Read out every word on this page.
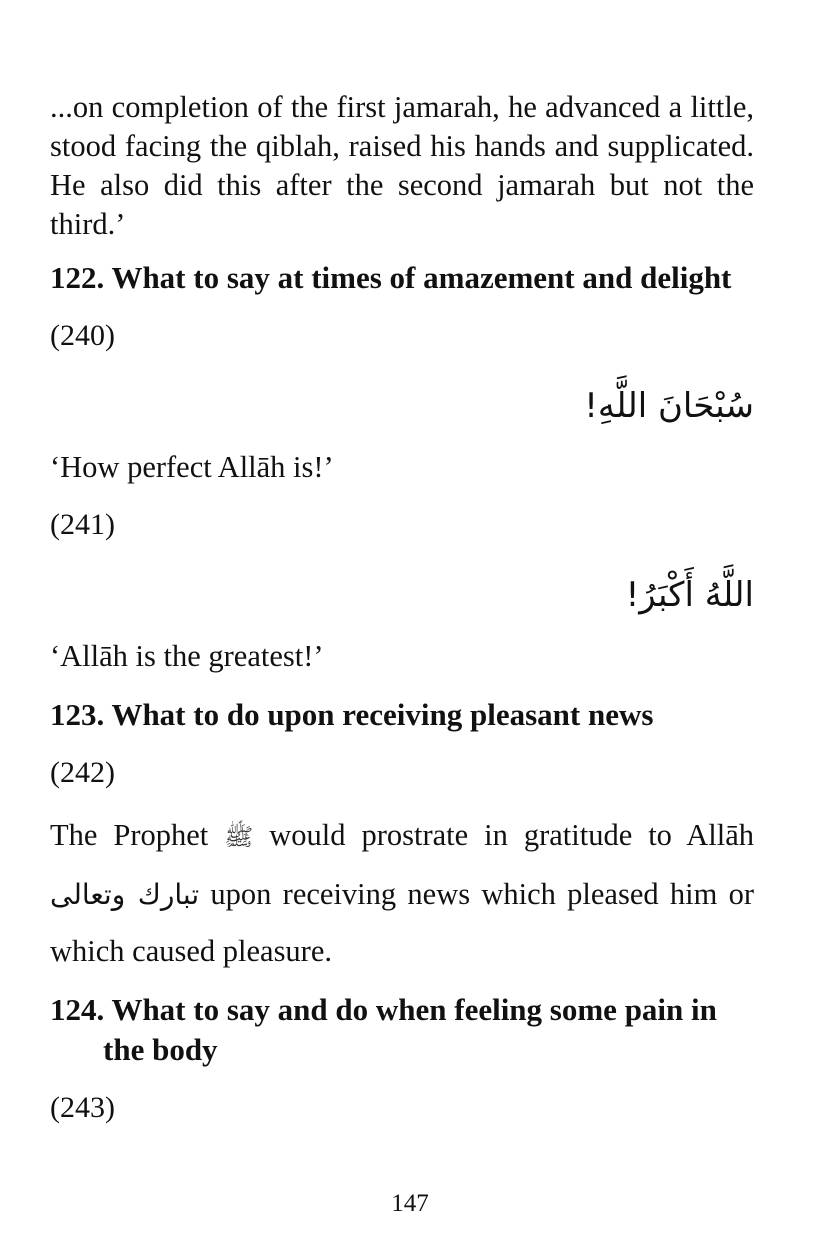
...on completion of the first jamarah, he advanced a little, stood facing the qiblah, raised his hands and supplicated. He also did this after the second jamarah but not the third.’

122. What to say at times of amazement and delight
(240)
سُبْحَانَ اللَّهِ!
‘How perfect Allāh is!’
(241)
اللَّهُ أَكْبَرُ!
‘Allāh is the greatest!’
123. What to do upon receiving pleasant news
(242)

The Prophet ﷺ would prostrate in gratitude to Allāh تبارك وتعالى upon receiving news which pleased him or which caused pleasure.

124. What to say and do when feeling some pain in the body
(243)
147
